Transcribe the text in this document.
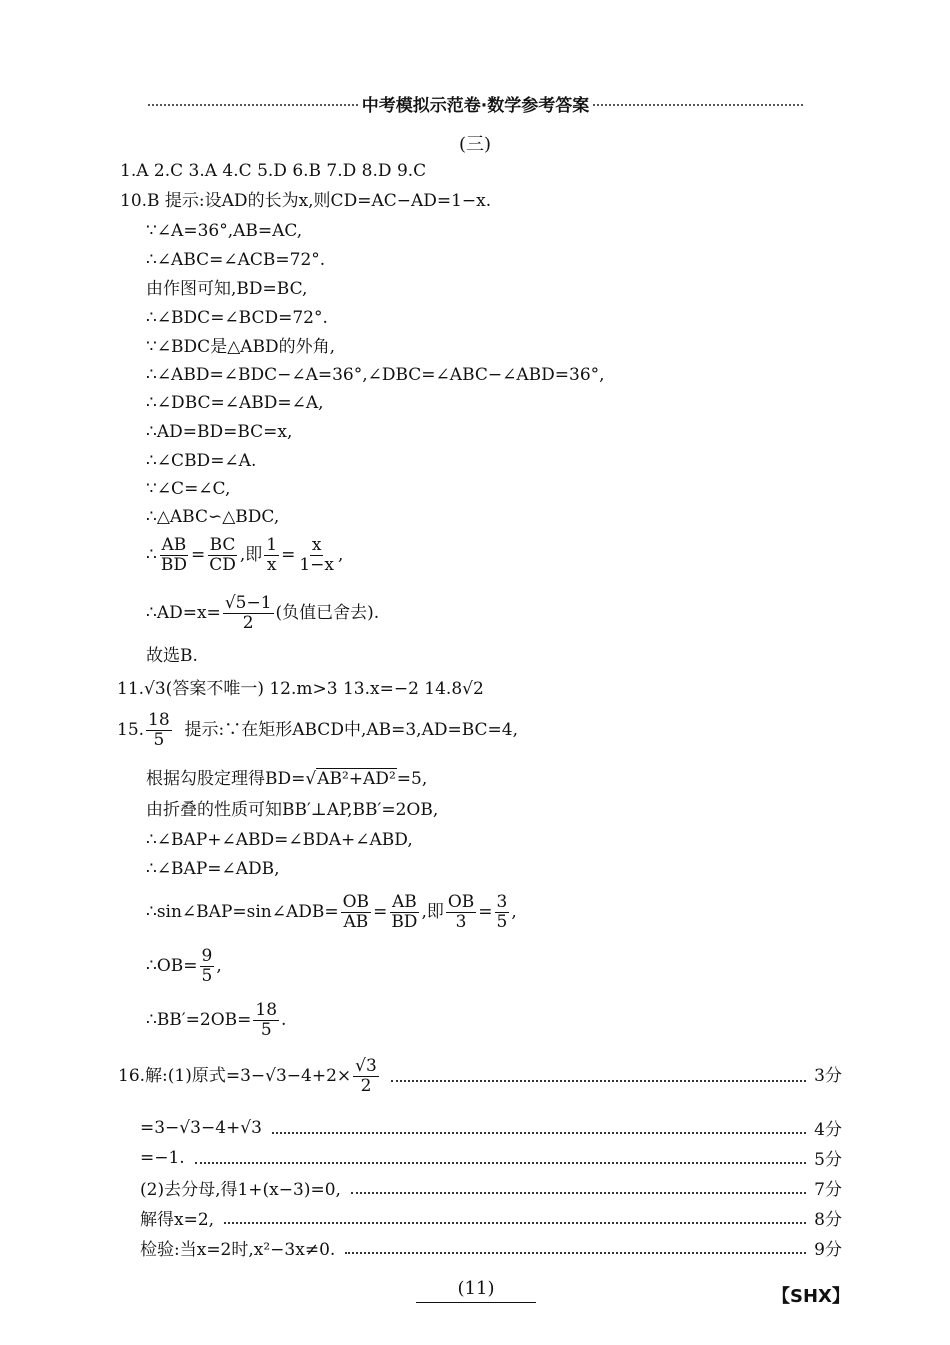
中考模拟示范卷·数学参考答案
(三)
1.A 2.C 3.A 4.C 5.D 6.B 7.D 8.D 9.C
10.B 提示:设AD的长为x,则CD=AC−AD=1−x.
∵∠A=36°,AB=AC,
∴∠ABC=∠ACB=72°.
由作图可知,BD=BC,
∴∠BDC=∠BCD=72°.
∵∠BDC是△ABD的外角,
∴∠ABD=∠BDC−∠A=36°,∠DBC=∠ABC−∠ABD=36°,
∴∠DBC=∠ABD=∠A,
∴AD=BD=BC=x,
∴∠CBD=∠A.
∵∠C=∠C,
∴△ABC∽△BDC,
∴ $\frac{AB}{BD} = \frac{BC}{CD}$ ,即 $\frac{1}{x} = \frac{x}{1-x}$ ,
∴AD=x= $\frac{√5-1}{2}$ (负值已舍去).
故选B.
11.√3(答案不唯一) 12.m>3 13.x=−2 14.8√2
15. $\frac{18}{5}$ 提示:∵在矩形ABCD中,AB=3,AD=BC=4,
根据勾股定理得BD=√AB²+AD²=5,
由折叠的性质可知BB′⊥AP,BB′=2OB,
∴∠BAP+∠ABD=∠BDA+∠ABD,
∴∠BAP=∠ADB,
∴sin∠BAP=sin∠ADB= $\frac{OB}{AB} = \frac{AB}{BD}$ ,即 $\frac{OB}{3} = \frac{3}{5}$ ,
∴OB= $\frac{9}{5}$ ,
∴BB′=2OB= $\frac{18}{5}$ .
16.解:(1)原式$=3-√3-4+2\times \frac{√3}{2}$	3分
=3−√3−4+√3	4分
=−1.	5分
(2)去分母,得1+(x−3)=0,	7分
解得x=2,	8分
检验:当x=2时,x²−3x≠0.	9分
(11)	【SHX】
